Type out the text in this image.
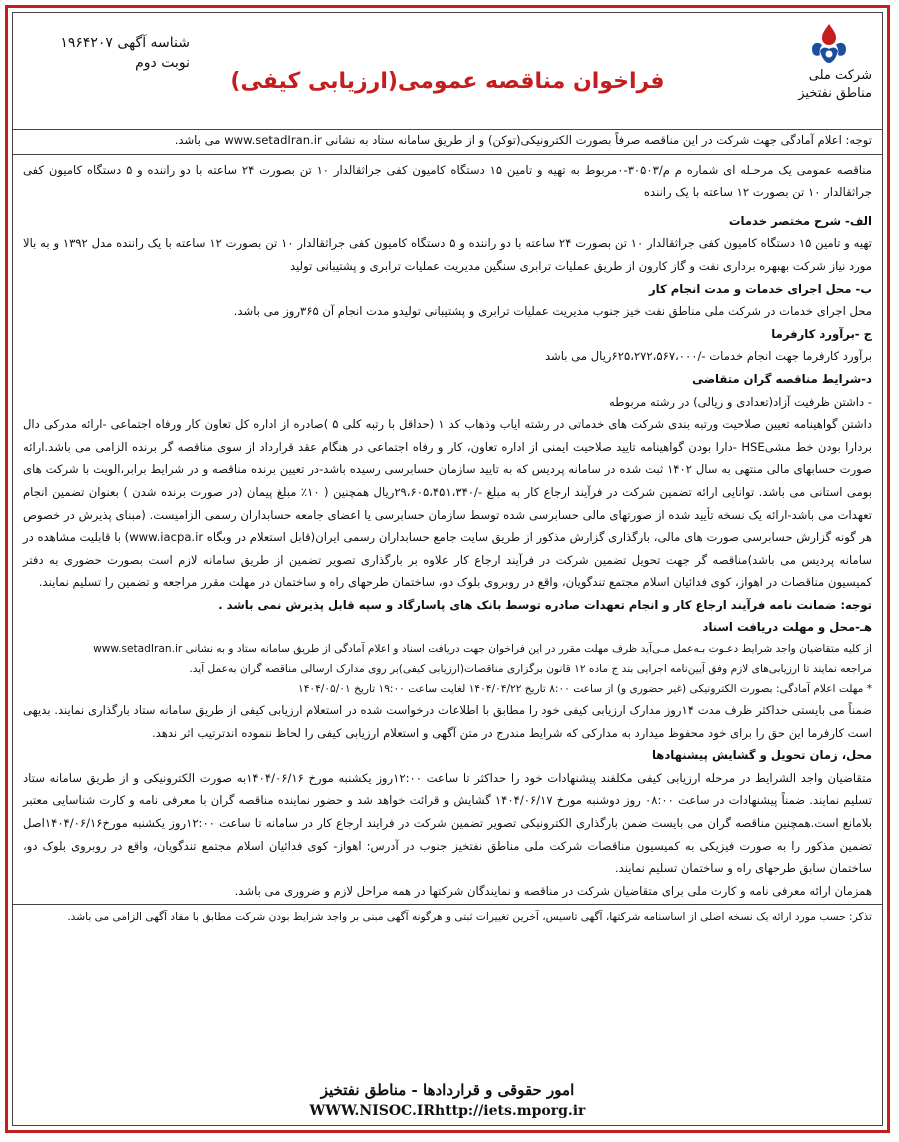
شرکت ملی
مناطق نفتخیز
فراخوان مناقصه عمومی(ارزیابی کیفی)
شناسه آگهی ۱۹۶۴۲۰۷
نوبت دوم

توجه: اعلام آمادگی جهت شرکت در این مناقصه صرفاً بصورت الکترونیکی(توکن) و از طریق سامانه ستاد به نشانی www.setadIran.ir می باشد.

مناقصه عمومی یک مرحـله ای شماره م م/۳۰۵۰۳-۰مربوط به تهیه و تامین ۱۵ دستگاه کامیون کفی جراثقالدار ۱۰ تن بصورت ۲۴ ساعته با دو راننده و ۵ دستگاه کامیون کفی جراثقالدار ۱۰ تن بصورت ۱۲ ساعته با یک راننده

الف- شرح مختصر خدمات

تهیه و تامین ۱۵ دستگاه کامیون کفی جراثقالدار ۱۰ تن بصورت ۲۴ ساعته با دو راننده و ۵ دستگاه کامیون کفی جراثقالدار ۱۰ تن بصورت ۱۲ ساعته با یک راننده مدل ۱۳۹۲ و به بالا مورد نیاز شرکت بهبهره برداری نفت و گاز کارون از طریق عملیات ترابری سنگین مدیریت عملیات ترابری و پشتیبانی تولید

ب- محل اجرای خدمات و مدت انجام کار

محل اجرای خدمات در شرکت ملی مناطق نفت خیز جنوب مدیریت عملیات ترابری و پشتیبانی تولیدو مدت انجام آن ۳۶۵روز می باشد.

ج -برآورد کارفرما

برآورد کارفرما جهت انجام خدمات -/۶۲۵،۲۷۲،۵۶۷،۰۰۰ریال می باشد

د-شرایط مناقصه گران متقاضی

- داشتن ظرفیت آزاد(تعدادی و ریالی) در رشته مربوطه

داشتن گواهینامه تعیین صلاحیت ورتبه بندی شرکت های خدماتی در رشته ایاب وذهاب کد ۱ (حداقل با رتبه کلی ۵ )صادره از اداره کل تعاون کار ورفاه اجتماعی -ارائه مدرکی دال بردارا بودن خط مشیHSE -دارا بودن گواهینامه تایید صلاحیت ایمنی از اداره تعاون، کار و رفاه اجتماعی در هنگام عقد قرارداد از سوی مناقصه گر برنده الزامی می باشد.ارائه صورت حسابهای مالی منتهی به سال ۱۴۰۲ ثبت شده در سامانه پردیس که به تایید سازمان حسابرسی رسیده باشد-در تعیین برنده مناقصه و در شرایط برابر،الویت با شرکت های بومی استانی می باشد. توانایی ارائه تضمین شرکت در فرآیند ارجاع کار به مبلغ -/۲۹،۶۰۵،۴۵۱،۳۴۰ریال همچنین ( ۱۰٪ مبلغ پیمان (در صورت برنده شدن ) بعنوان تضمین انجام تعهدات می باشد-ارائه یک نسخه تأیید شده از صورتهای مالی حسابرسی شده توسط سازمان حسابرسی یا اعضای جامعه حسابداران رسمی الزامیست. (مبنای پذیرش در خصوص هر گونه گزارش حسابرسی صورت های مالی، بارگذاری گزارش مذکور از طریق سایت جامع حسابداران رسمی ایران(قابل استعلام در وبگاه www.iacpa.ir) با قابلیت مشاهده در سامانه پردیس می باشد)مناقصه گر جهت تحویل تضمین شرکت در فرآیند ارجاع کار علاوه بر بارگذاری تصویر تضمین از طریق سامانه لازم است بصورت حضوری به دفتر کمیسیون مناقصات در اهواز، کوی فدائیان اسلام مجتمع تندگویان، واقع در روبروی بلوک دو، ساختمان طرحهای راه و ساختمان در مهلت مقرر مراجعه و تضمین را تسلیم نمایند.

توجه: ضمانت نامه فرآیند ارجاع کار و انجام تعهدات صادره توسط بانک های پاسارگاد و سپه قابل پذیرش نمی باشد .

هـ-محل و مهلت دریافت اسناد

از کلیه متقاضیان واجد شرایط دعـوت بـه‌عمل مـی‌آید ظرف مهلت مقرر در این فراخوان جهت دریافت اسناد و اعلام آمادگی از طریق سامانه ستاد و به نشانی www.setadIran.ir

مراجعه نمایند تا ارزیابی‌های لازم وفق آیین‌نامه اجرایی بند ج ماده ۱۲ قانون برگزاری مناقصات(ارزیابی کیفی)بر روی مدارک ارسالی مناقصه گران به‌عمل آید.

* مهلت اعلام آمادگی: بصورت الکترونیکی (غیر حضوری و) از ساعت ۸:۰۰ تاریخ ۱۴۰۴/۰۴/۲۲ لغایت ساعت ۱۹:۰۰ تاریخ ۱۴۰۴/۰۵/۰۱

ضمناً می بایستی حداکثر ظرف مدت ۱۴روز مدارک ارزیابی کیفی خود را مطابق با اطلاعات درخواست شده در استعلام ارزیابی کیفی از طریق سامانه ستاد بارگذاری نمایند. بدیهی است کارفرما این حق را برای خود محفوظ میدارد به مدارکی که شرایط مندرج در متن آگهی و استعلام ارزیابی کیفی را لحاظ ننموده اندترتیب اثر ندهد.

محل، زمان تحویل و گشایش پیشنهادها

متقاضیان واجد الشرایط در مرحله ارزیابی کیفی مکلفند پیشنهادات خود را حداکثر تا ساعت ۱۲:۰۰روز یکشنبه مورخ ۱۴۰۴/۰۶/۱۶به صورت الکترونیکی و از طریق سامانه ستاد تسلیم نمایند. ضمناً پیشنهادات در ساعت ۰۸:۰۰ روز دوشنبه مورخ ۱۴۰۴/۰۶/۱۷ گشایش و قرائت خواهد شد و حضور نماینده مناقصه گران با معرفی نامه و کارت شناسایی معتبر بلامانع است.همچنین مناقصه گران می بایست ضمن بارگذاری الکترونیکی تصویر تضمین شرکت در فرایند ارجاع کار در سامانه تا ساعت ۱۲:۰۰روز یکشنبه مورخ۱۴۰۴/۰۶/۱۶اصل تضمین مذکور را به صورت فیزیکی به کمیسیون مناقصات شرکت ملی مناطق نفتخیز جنوب در آدرس: اهواز- کوی فدائیان اسلام مجتمع تندگویان، واقع در روبروی بلوک دو، ساختمان سابق طرحهای راه و ساختمان تسلیم نمایند.

همزمان ارائه معرفی نامه و کارت ملی برای متقاضیان شرکت در مناقصه و نمایندگان شرکتها در همه مراحل لازم و ضروری می باشد.

تذکر: حسب مورد ارائه یک نسخه اصلی از اساسنامه شرکتها، آگهی تاسیس، آخرین تغییرات ثبتی و هرگونه آگهی مبنی بر واجد شرایط بودن شرکت مطابق با مفاد آگهی الزامی می باشد.

امور حقوقی و قراردادها - مناطق نفتخیز
WWW.NISOC.IRhttp://iets.mporg.ir
